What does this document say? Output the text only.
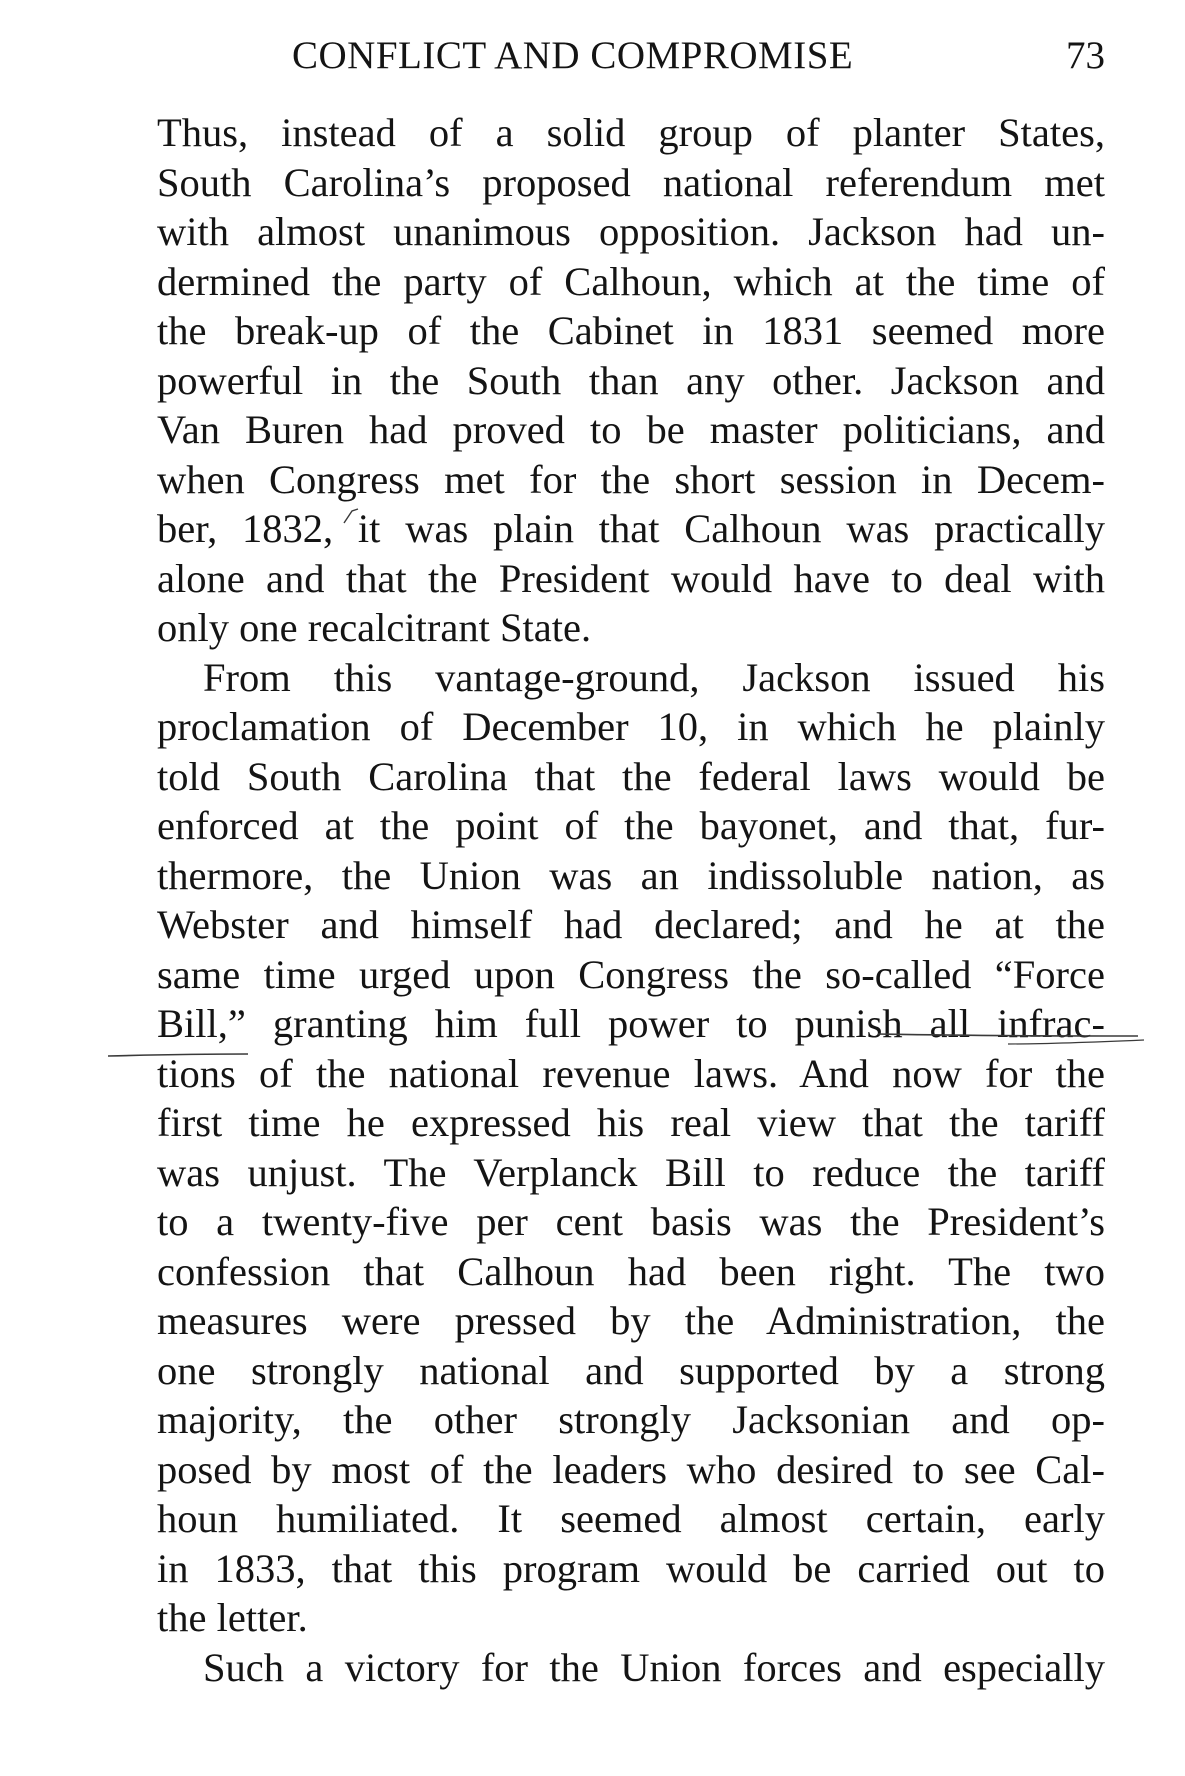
CONFLICT AND COMPROMISE	73
Thus, instead of a solid group of planter States,
South Carolina’s proposed national referendum met
with almost unanimous opposition. Jackson had un-
dermined the party of Calhoun, which at the time of
the break-up of the Cabinet in 1831 seemed more
powerful in the South than any other. Jackson and
Van Buren had proved to be master politicians, and
when Congress met for the short session in Decem-
ber, 1832, it was plain that Calhoun was practically
alone and that the President would have to deal with
only one recalcitrant State.
From this vantage-ground, Jackson issued his
proclamation of December 10, in which he plainly
told South Carolina that the federal laws would be
enforced at the point of the bayonet, and that, fur-
thermore, the Union was an indissoluble nation, as
Webster and himself had declared; and he at the
same time urged upon Congress the so-called “Force
Bill,” granting him full power to punish all infrac-
tions of the national revenue laws. And now for the
first time he expressed his real view that the tariff
was unjust. The Verplanck Bill to reduce the tariff
to a twenty-five per cent basis was the President’s
confession that Calhoun had been right. The two
measures were pressed by the Administration, the
one strongly national and supported by a strong
majority, the other strongly Jacksonian and op-
posed by most of the leaders who desired to see Cal-
houn humiliated. It seemed almost certain, early
in 1833, that this program would be carried out to
the letter.
Such a victory for the Union forces and especially
